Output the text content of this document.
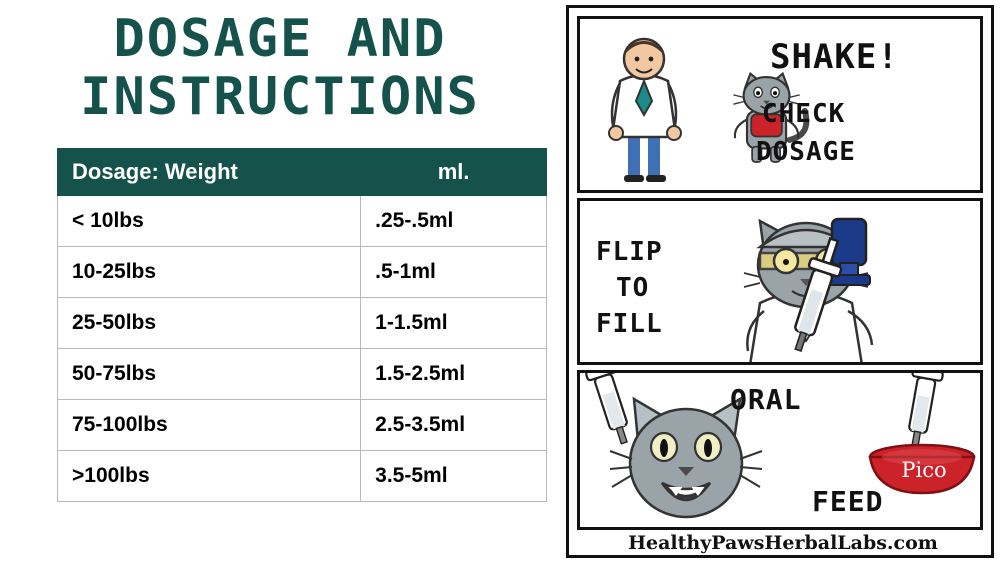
DOSAGE AND
INSTRUCTIONS
Dosage: Weight	ml.
< 10lbs	.25-.5ml
10-25lbs	.5-1ml
25-50lbs	1-1.5ml
50-75lbs	1.5-2.5ml
75-100lbs	2.5-3.5ml
>100lbs	3.5-5ml
SHAKE!
CHECK
DOSAGE
FLIP
TO
FILL
ORAL
FEED
Pico
HealthyPawsHerbalLabs.com
